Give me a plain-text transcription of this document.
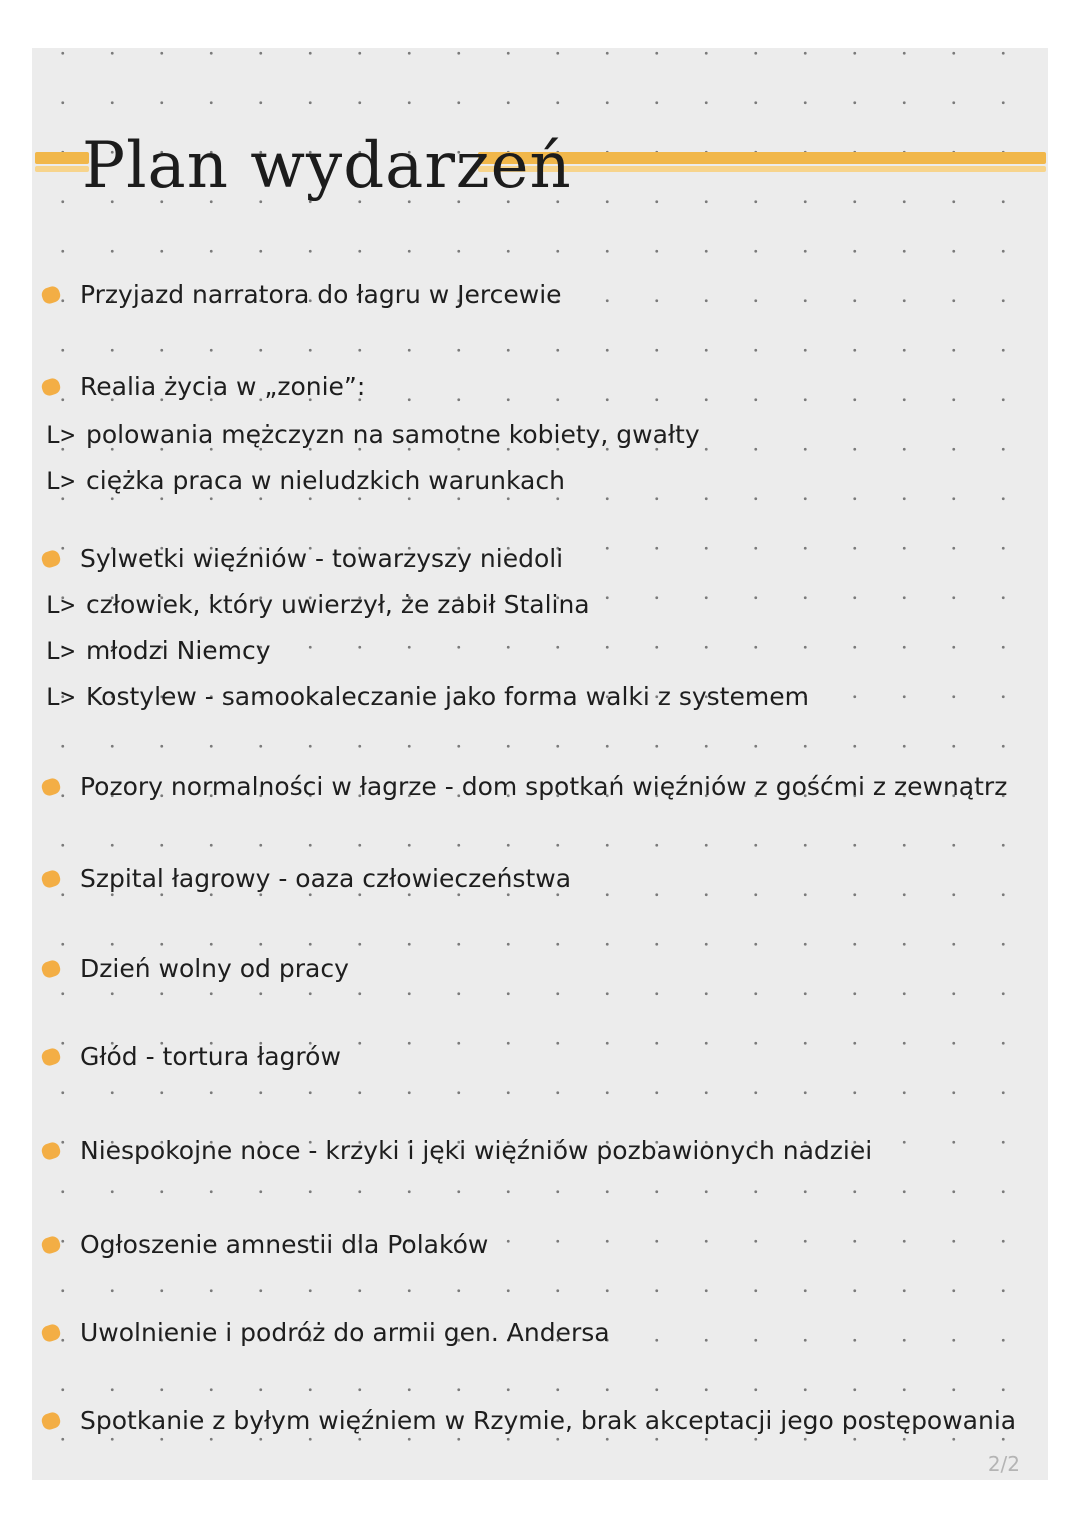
Plan wydarzeń
Przyjazd narratora do łagru w Jercewie
Realia życia w „zonie”:
L> polowania mężczyzn na samotne kobiety, gwałty
L> ciężka praca w nieludzkich warunkach
Sylwetki więźniów - towarzyszy niedoli
L> człowiek, który uwierzył, że zabił Stalina
L> młodzi Niemcy
L> Kostylew - samookaleczanie jako forma walki z systemem
Pozory normalności w łagrze - dom spotkań więźniów z gośćmi z zewnątrz
Szpital łagrowy - oaza człowieczeństwa
Dzień wolny od pracy
Głód - tortura łagrów
Niespokojne noce - krzyki i jęki więźniów pozbawionych nadziei
Ogłoszenie amnestii dla Polaków
Uwolnienie i podróż do armii gen. Andersa
Spotkanie z byłym więźniem w Rzymie, brak akceptacji jego postępowania
2/2
